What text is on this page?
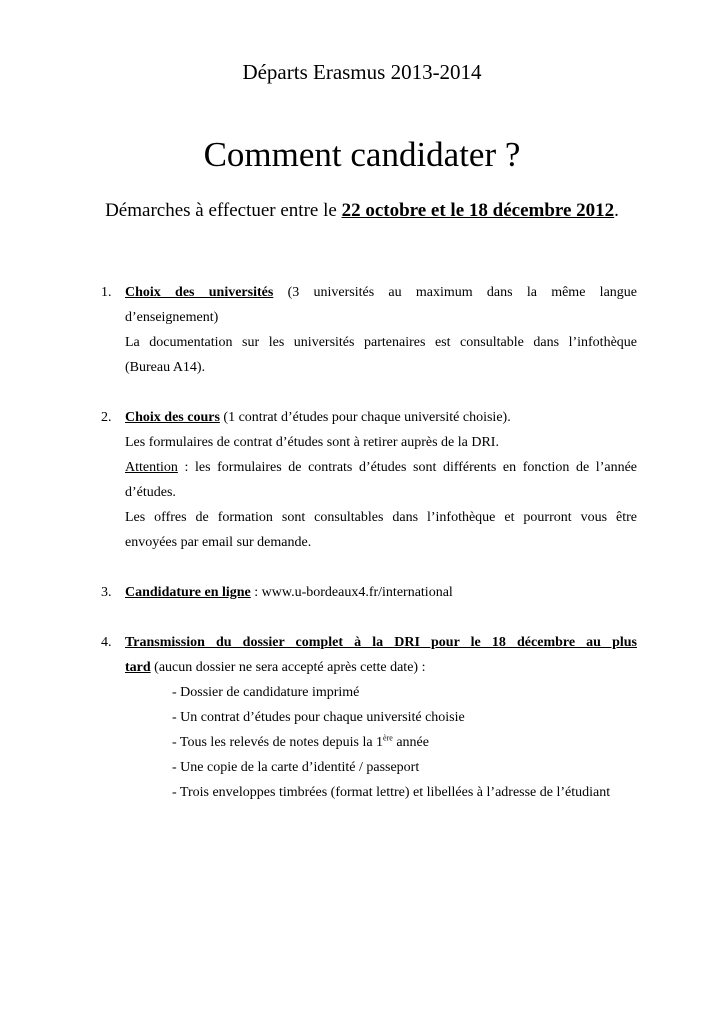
Départs Erasmus 2013-2014
Comment candidater ?
Démarches à effectuer entre le 22 octobre et le 18 décembre 2012.
1. Choix des universités (3 universités au maximum dans la même langue
d’enseignement)
La documentation sur les universités partenaires est consultable dans l’infothèque
(Bureau A14).
2. Choix des cours (1 contrat d’études pour chaque université choisie).
Les formulaires de contrat d’études sont à retirer auprès de la DRI.
Attention : les formulaires de contrats d’études sont différents en fonction de l’année
d’études.
Les offres de formation sont consultables dans l’infothèque et pourront vous être
envoyées par email sur demande.
3. Candidature en ligne : www.u-bordeaux4.fr/international
4. Transmission du dossier complet à la DRI pour le 18 décembre au plus
tard (aucun dossier ne sera accepté après cette date) :
- Dossier de candidature imprimé
- Un contrat d’études pour chaque université choisie
- Tous les relevés de notes depuis la 1ère année
- Une copie de la carte d’identité / passeport
- Trois enveloppes timbrées (format lettre) et libellées à l’adresse de l’étudiant
